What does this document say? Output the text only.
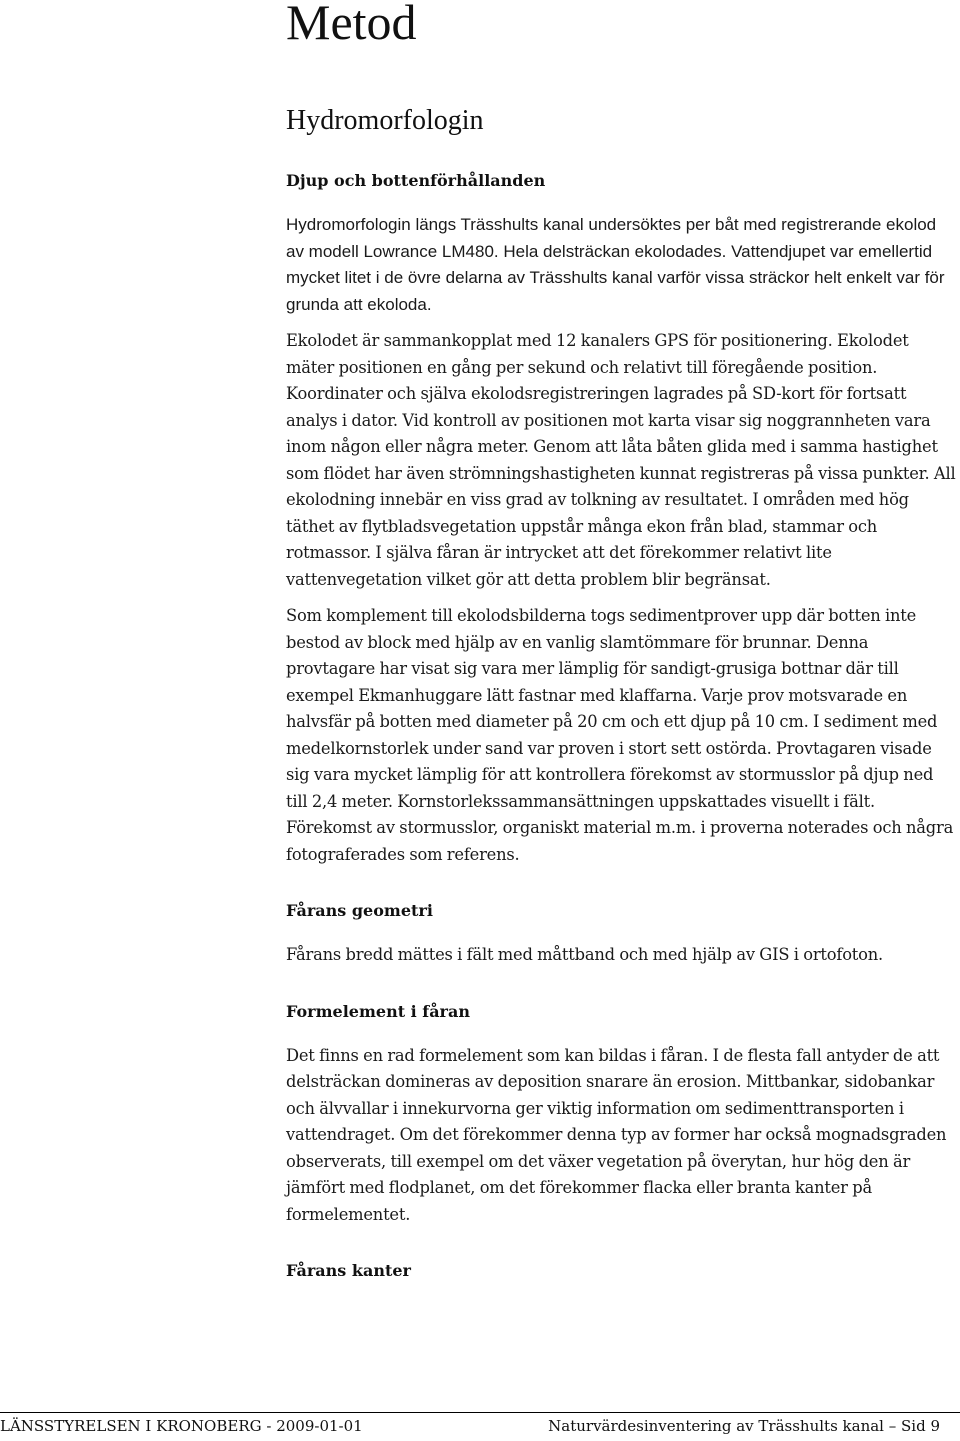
Metod
Hydromorfologin
Djup och bottenförhållanden

Hydromorfologin längs Trässhults kanal undersöktes per båt med registrerande ekolod av modell Lowrance LM480. Hela delsträckan ekolodades. Vattendjupet var emellertid mycket litet i de övre delarna av Trässhults kanal varför vissa sträckor helt enkelt var för grunda att ekoloda.

Ekolodet är sammankopplat med 12 kanalers GPS för positionering. Ekolodet mäter positionen en gång per sekund och relativt till föregående position. Koordinater och själva ekolodsregistreringen lagrades på SD-kort för fortsatt analys i dator. Vid kontroll av positionen mot karta visar sig noggrannheten vara inom någon eller några meter. Genom att låta båten glida med i samma hastighet som flödet har även strömningshastigheten kunnat registreras på vissa punkter. All ekolodning innebär en viss grad av tolkning av resultatet. I områden med hög täthet av flytbladsvegetation uppstår många ekon från blad, stammar och rotmassor. I själva fåran är intrycket att det förekommer relativt lite vattenvegetation vilket gör att detta problem blir begränsat.

Som komplement till ekolodsbilderna togs sedimentprover upp där botten inte bestod av block med hjälp av en vanlig slamtömmare för brunnar. Denna provtagare har visat sig vara mer lämplig för sandigt-grusiga bottnar där till exempel Ekmanhuggare lätt fastnar med klaffarna. Varje prov motsvarade en halvsfär på botten med diameter på 20 cm och ett djup på 10 cm. I sediment med medelkornstorlek under sand var proven i stort sett ostörda. Provtagaren visade sig vara mycket lämplig för att kontrollera förekomst av stormusslor på djup ned till 2,4 meter. Kornstorlekssammansättningen uppskattades visuellt i fält. Förekomst av stormusslor, organiskt material m.m. i proverna noterades och några fotograferades som referens.

Fårans geometri

Fårans bredd mättes i fält med måttband och med hjälp av GIS i ortofoton.

Formelement i fåran

Det finns en rad formelement som kan bildas i fåran. I de flesta fall antyder de att delsträckan domineras av deposition snarare än erosion. Mittbankar, sidobankar och älvvallar i innekurvorna ger viktig information om sedimenttransporten i vattendraget. Om det förekommer denna typ av former har också mognadsgraden observerats, till exempel om det växer vegetation på överytan, hur hög den är jämfört med flodplanet, om det förekommer flacka eller branta kanter på formelementet.

Fårans kanter
LÄNSSTYRELSEN I KRONOBERG - 2009-01-01	Naturvärdesinventering av Trässhults kanal – Sid 9
